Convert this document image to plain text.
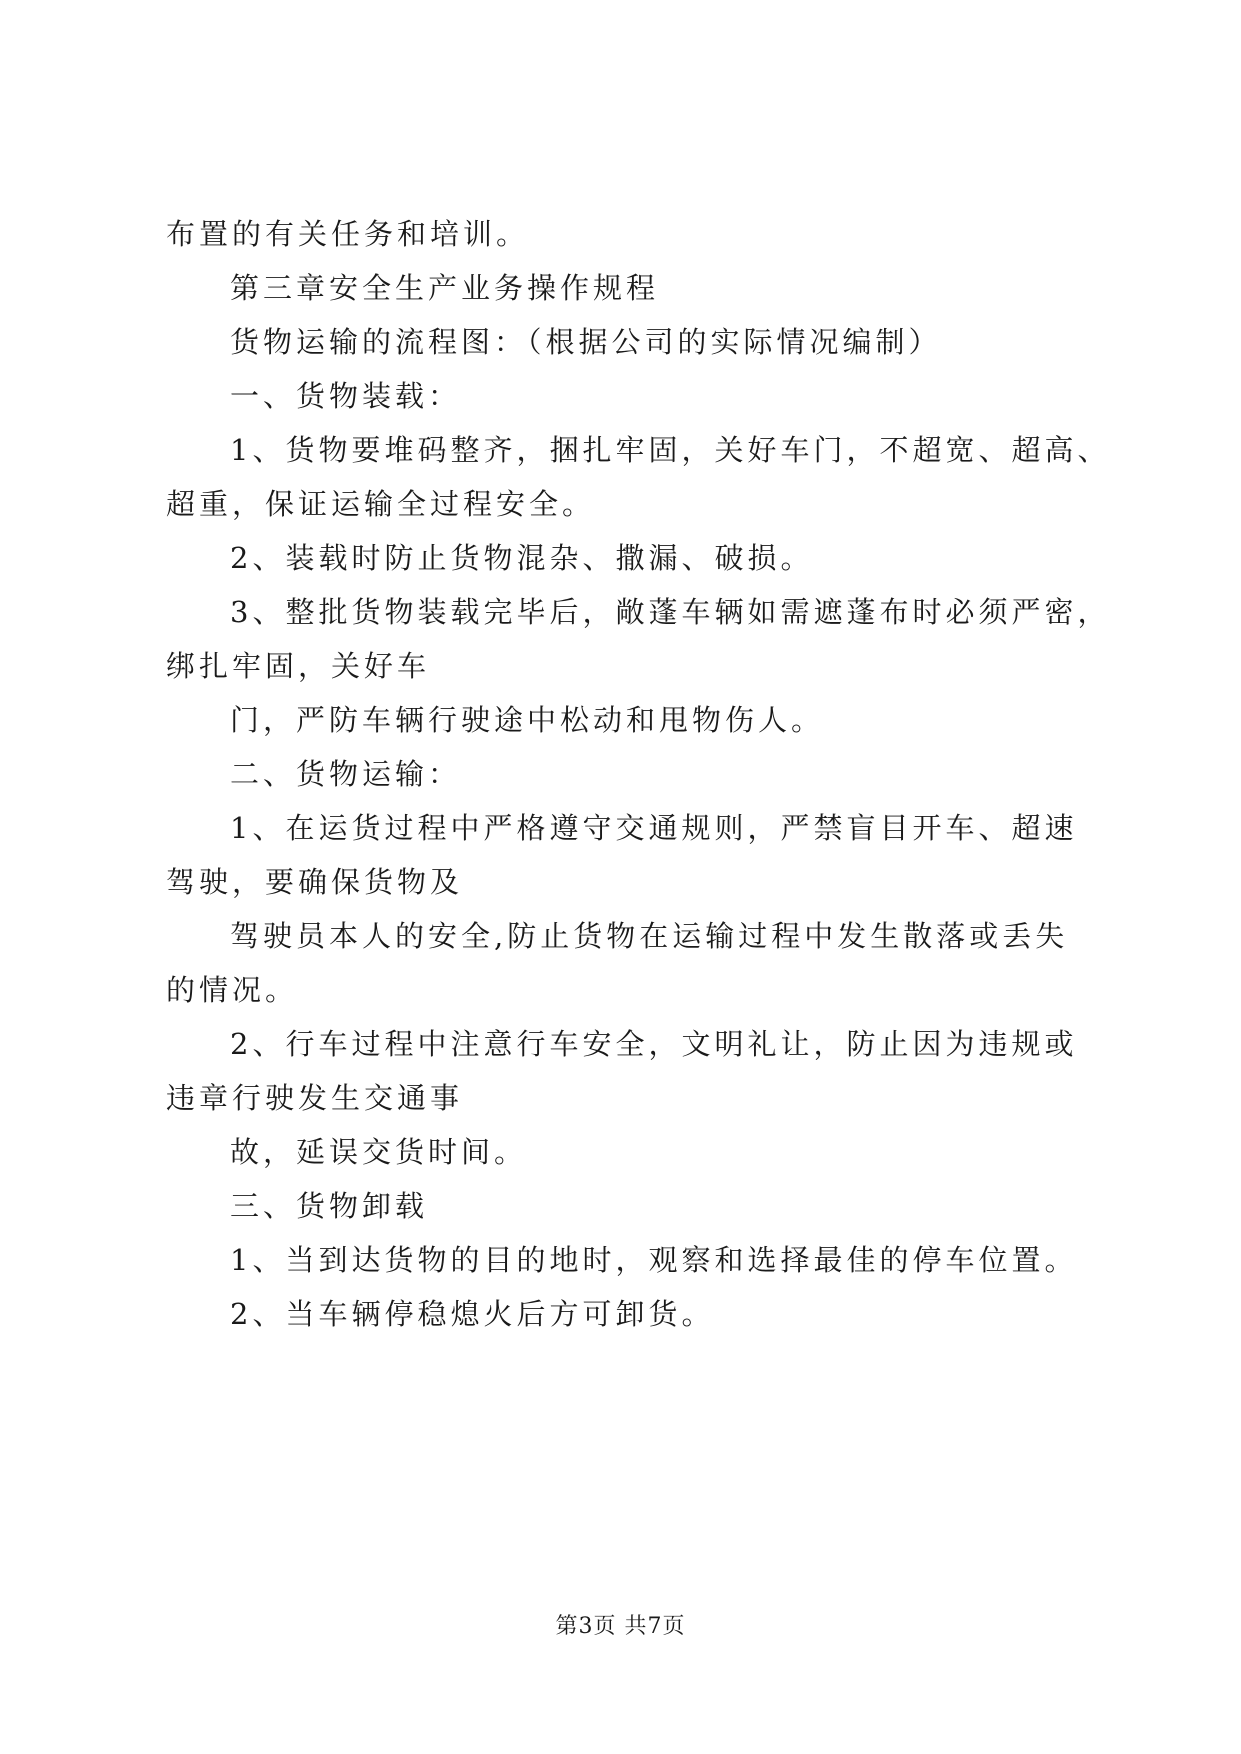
布置的有关任务和培训。
第三章安全生产业务操作规程
货物运输的流程图：（根据公司的实际情况编制）
一、货物装载：
1、货物要堆码整齐，捆扎牢固，关好车门，不超宽、超高、
超重，保证运输全过程安全。
2、装载时防止货物混杂、撒漏、破损。
3、整批货物装载完毕后，敞蓬车辆如需遮蓬布时必须严密，
绑扎牢固，关好车
门，严防车辆行驶途中松动和甩物伤人。
二、货物运输：
1、在运货过程中严格遵守交通规则，严禁盲目开车、超速
驾驶，要确保货物及
驾驶员本人的安全,防止货物在运输过程中发生散落或丢失
的情况。
2、行车过程中注意行车安全，文明礼让，防止因为违规或
违章行驶发生交通事
故，延误交货时间。
三、货物卸载
1、当到达货物的目的地时，观察和选择最佳的停车位置。
2、当车辆停稳熄火后方可卸货。
第3页 共7页
